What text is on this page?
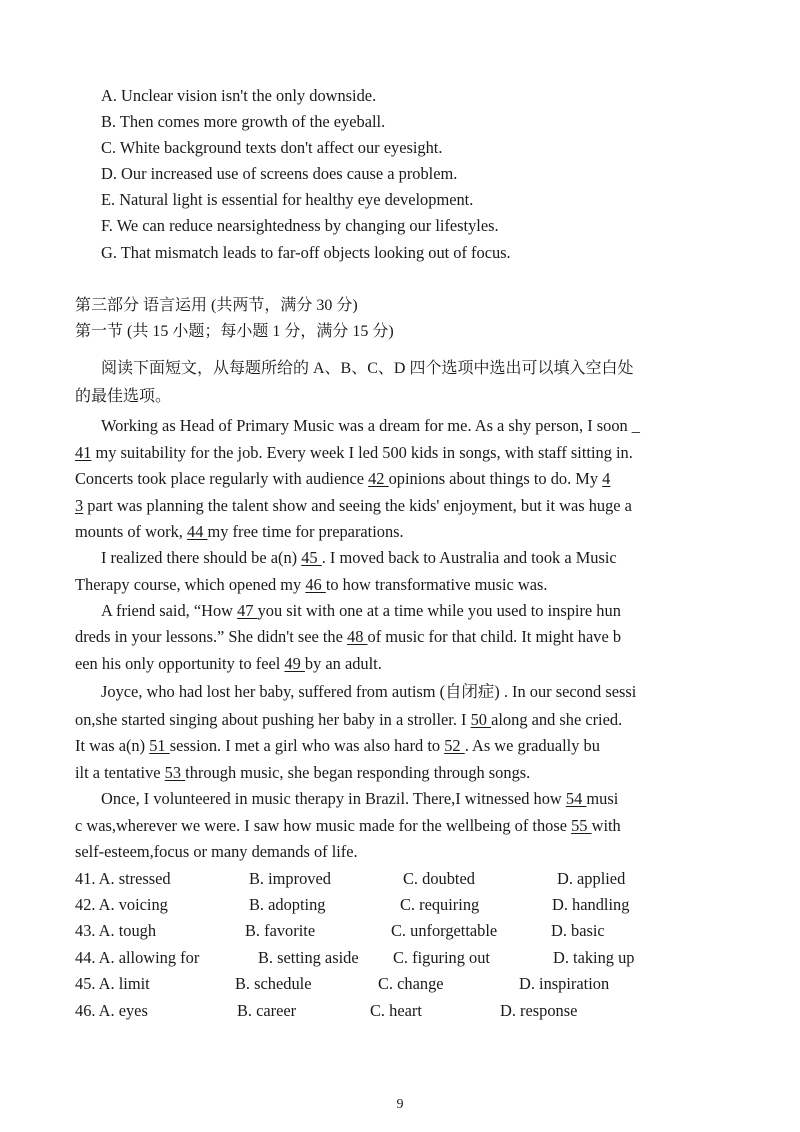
A. Unclear vision isn't the only downside.
B. Then comes more growth of the eyeball.
C. White background texts don't affect our eyesight.
D. Our increased use of screens does cause a problem.
E. Natural light is essential for healthy eye development.
F. We can reduce nearsightedness by changing our lifestyles.
G. That mismatch leads to far-off objects looking out of focus.
第三部分 语言运用 (共两节，满分 30 分)
第一节 (共 15 小题；每小题 1 分，满分 15 分)
阅读下面短文，从每题所给的 A、B、C、D 四个选项中选出可以填入空白处
的最佳选项。
Working as Head of Primary Music was a dream for me. As a shy person, I soon _
41 my suitability for the job. Every week I led 500 kids in songs, with staff sitting in.
Concerts took place regularly with audience 42 opinions about things to do. My 4
3 part was planning the talent show and seeing the kids' enjoyment, but it was huge a
mounts of work, 44 my free time for preparations.
I realized there should be a(n) 45 . I moved back to Australia and took a Music
Therapy course, which opened my 46 to how transformative music was.
A friend said, “How 47 you sit with one at a time while you used to inspire hun
dreds in your lessons.” She didn't see the 48 of music for that child. It might have b
een his only opportunity to feel 49 by an adult.
Joyce, who had lost her baby, suffered from autism (自闭症) . In our second sessi
on,she started singing about pushing her baby in a stroller. I 50 along and she cried.
It was a(n) 51 session. I met a girl who was also hard to 52 . As we gradually bu
ilt a tentative 53 through music, she began responding through songs.
Once, I volunteered in music therapy in Brazil. There,I witnessed how 54 musi
c was,wherever we were. I saw how music made for the wellbeing of those 55 with
self-esteem,focus or many demands of life.
41. A. stressed	B. improved	C. doubted	D. applied
42. A. voicing	B. adopting	C. requiring	D. handling
43. A. tough	B. favorite	C. unforgettable	D. basic
44. A. allowing for	B. setting aside C. figuring out	D. taking up
45. A. limit	B. schedule	C. change	D. inspiration
46. A. eyes	B. career	C. heart	D. response
9
